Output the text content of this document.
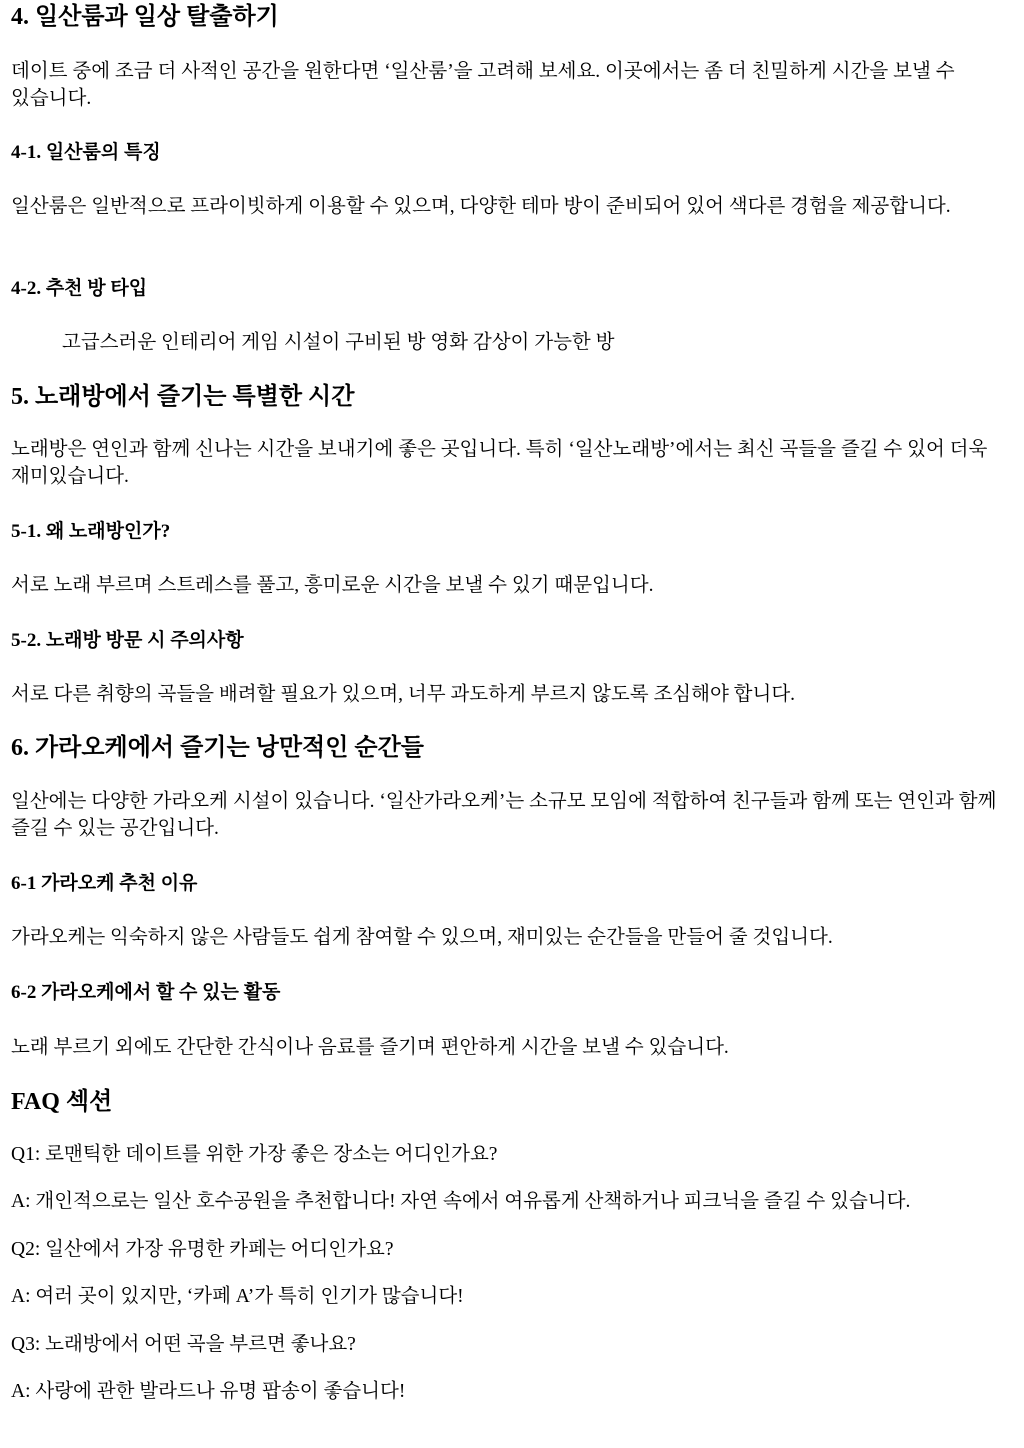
4. 일산룸과 일상 탈출하기

데이트 중에 조금 더 사적인 공간을 원한다면 ‘일산룸’을 고려해 보세요. 이곳에서는 좀 더 친밀하게 시간을 보낼 수 있습니다.

4-1. 일산룸의 특징

일산룸은 일반적으로 프라이빗하게 이용할 수 있으며, 다양한 테마 방이 준비되어 있어 색다른 경험을 제공합니다.

4-2. 추천 방 타입
고급스러운 인테리어 게임 시설이 구비된 방 영화 감상이 가능한 방
5. 노래방에서 즐기는 특별한 시간

노래방은 연인과 함께 신나는 시간을 보내기에 좋은 곳입니다. 특히 ‘일산노래방’에서는 최신 곡들을 즐길 수 있어 더욱 재미있습니다.

5-1. 왜 노래방인가?

서로 노래 부르며 스트레스를 풀고, 흥미로운 시간을 보낼 수 있기 때문입니다.

5-2. 노래방 방문 시 주의사항

서로 다른 취향의 곡들을 배려할 필요가 있으며, 너무 과도하게 부르지 않도록 조심해야 합니다.

6. 가라오케에서 즐기는 낭만적인 순간들

일산에는 다양한 가라오케 시설이 있습니다. ‘일산가라오케’는 소규모 모임에 적합하여 친구들과 함께 또는 연인과 함께 즐길 수 있는 공간입니다.

6-1 가라오케 추천 이유

가라오케는 익숙하지 않은 사람들도 쉽게 참여할 수 있으며, 재미있는 순간들을 만들어 줄 것입니다.

6-2 가라오케에서 할 수 있는 활동

노래 부르기 외에도 간단한 간식이나 음료를 즐기며 편안하게 시간을 보낼 수 있습니다.

FAQ 섹션

Q1: 로맨틱한 데이트를 위한 가장 좋은 장소는 어디인가요?

A: 개인적으로는 일산 호수공원을 추천합니다! 자연 속에서 여유롭게 산책하거나 피크닉을 즐길 수 있습니다.

Q2: 일산에서 가장 유명한 카페는 어디인가요?

A: 여러 곳이 있지만, ‘카페 A’가 특히 인기가 많습니다!

Q3: 노래방에서 어떤 곡을 부르면 좋나요?

A: 사랑에 관한 발라드나 유명 팝송이 좋습니다!
